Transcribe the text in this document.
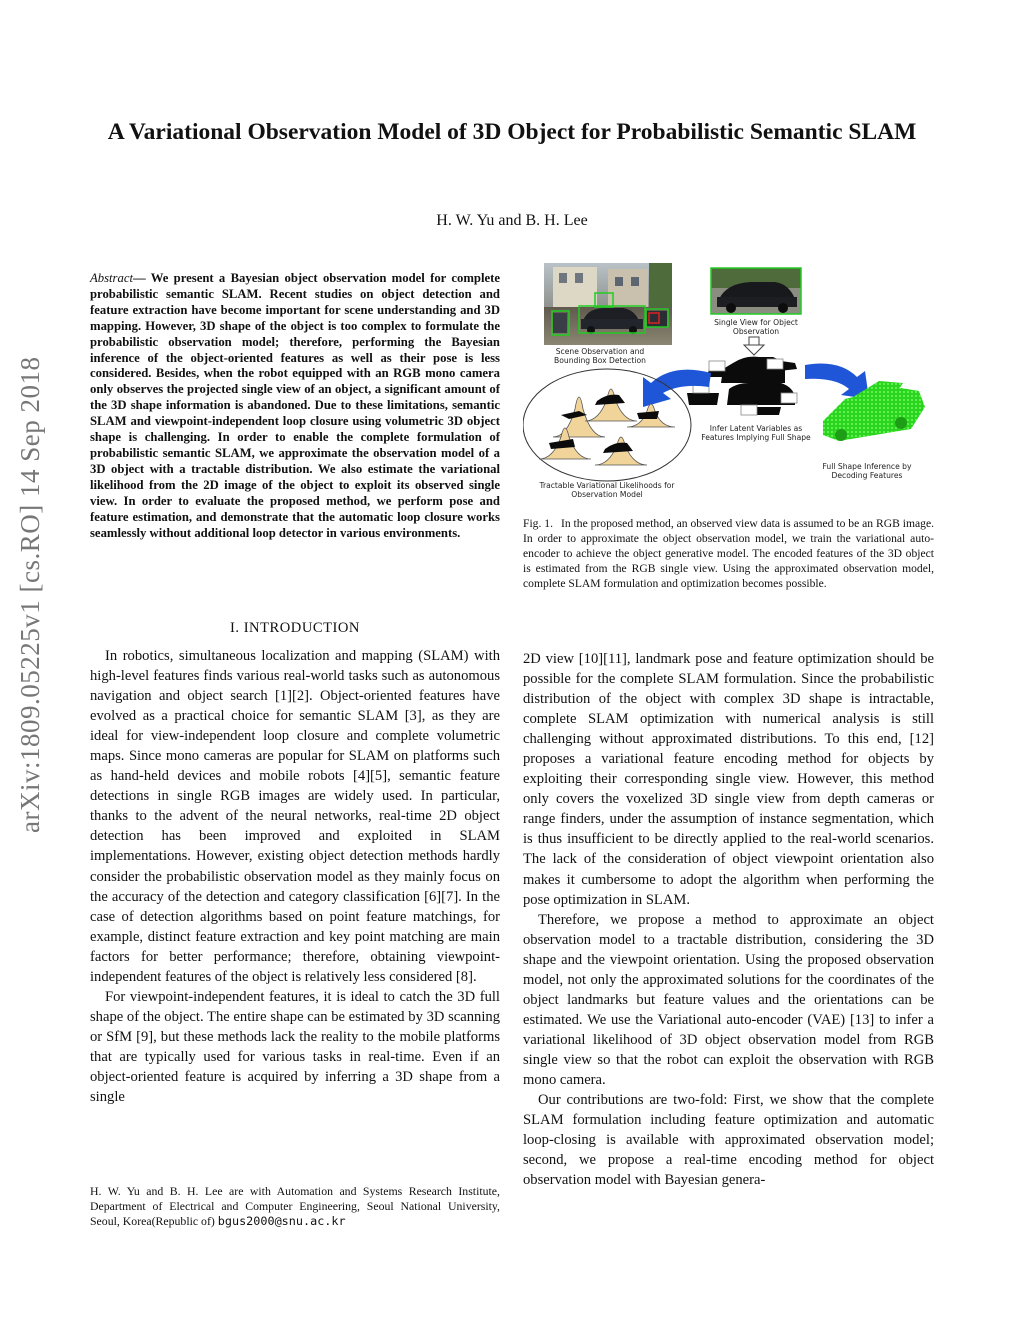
A Variational Observation Model of 3D Object for Probabilistic Semantic SLAM
H. W. Yu and B. H. Lee
arXiv:1809.05225v1 [cs.RO] 14 Sep 2018
Abstract— We present a Bayesian object observation model for complete probabilistic semantic SLAM. Recent studies on object detection and feature extraction have become important for scene understanding and 3D mapping. However, 3D shape of the object is too complex to formulate the probabilistic observation model; therefore, performing the Bayesian inference of the object-oriented features as well as their pose is less considered. Besides, when the robot equipped with an RGB mono camera only observes the projected single view of an object, a significant amount of the 3D shape information is abandoned. Due to these limitations, semantic SLAM and viewpoint-independent loop closure using volumetric 3D object shape is challenging. In order to enable the complete formulation of probabilistic semantic SLAM, we approximate the observation model of a 3D object with a tractable distribution. We also estimate the variational likelihood from the 2D image of the object to exploit its observed single view. In order to evaluate the proposed method, we perform pose and feature estimation, and demonstrate that the automatic loop closure works seamlessly without additional loop detector in various environments.
I. INTRODUCTION

In robotics, simultaneous localization and mapping (SLAM) with high-level features finds various real-world tasks such as autonomous navigation and object search [1][2]. Object-oriented features have evolved as a practical choice for semantic SLAM [3], as they are ideal for view-independent loop closure and complete volumetric maps. Since mono cameras are popular for SLAM on platforms such as hand-held devices and mobile robots [4][5], semantic feature detections in single RGB images are widely used. In particular, thanks to the advent of the neural networks, real-time 2D object detection has been improved and exploited in SLAM implementations. However, existing object detection methods hardly consider the probabilistic observation model as they mainly focus on the accuracy of the detection and category classification [6][7]. In the case of detection algorithms based on point feature matchings, for example, distinct feature extraction and key point matching are main factors for better performance; therefore, obtaining viewpoint-independent features of the object is relatively less considered [8].

For viewpoint-independent features, it is ideal to catch the 3D full shape of the object. The entire shape can be estimated by 3D scanning or SfM [9], but these methods lack the reality to the mobile platforms that are typically used for various tasks in real-time. Even if an object-oriented feature is acquired by inferring a 3D shape from a single

H. W. Yu and B. H. Lee are with Automation and Systems Research Institute, Department of Electrical and Computer Engineering, Seoul National University, Seoul, Korea(Republic of) bgus2000@snu.ac.kr
Scene Observation and
Bounding Box Detection
Single View for Object
Observation
Infer Latent Variables as
Features Implying Full Shape
Full Shape Inference by
Decoding Features
Tractable Variational Likelihoods for
Observation Model
Fig. 1. In the proposed method, an observed view data is assumed to be an RGB image. In order to approximate the object observation model, we train the variational auto-encoder to achieve the object generative model. The encoded features of the 3D object is estimated from the RGB single view. Using the approximated observation model, complete SLAM formulation and optimization becomes possible.

2D view [10][11], landmark pose and feature optimization should be possible for the complete SLAM formulation. Since the probabilistic distribution of the object with complex 3D shape is intractable, complete SLAM optimization with numerical analysis is still challenging without approximated distributions. To this end, [12] proposes a variational feature encoding method for objects by exploiting their corresponding single view. However, this method only covers the voxelized 3D single view from depth cameras or range finders, under the assumption of instance segmentation, which is thus insufficient to be directly applied to the real-world scenarios. The lack of the consideration of object viewpoint orientation also makes it cumbersome to adopt the algorithm when performing the pose optimization in SLAM.

Therefore, we propose a method to approximate an object observation model to a tractable distribution, considering the 3D shape and the viewpoint orientation. Using the proposed observation model, not only the approximated solutions for the coordinates of the object landmarks but feature values and the orientations can be estimated. We use the Variational auto-encoder (VAE) [13] to infer a variational likelihood of 3D object observation model from RGB single view so that the robot can exploit the observation with RGB mono camera.

Our contributions are two-fold: First, we show that the complete SLAM formulation including feature optimization and automatic loop-closing is available with approximated observation model; second, we propose a real-time encoding method for object observation model with Bayesian genera-
